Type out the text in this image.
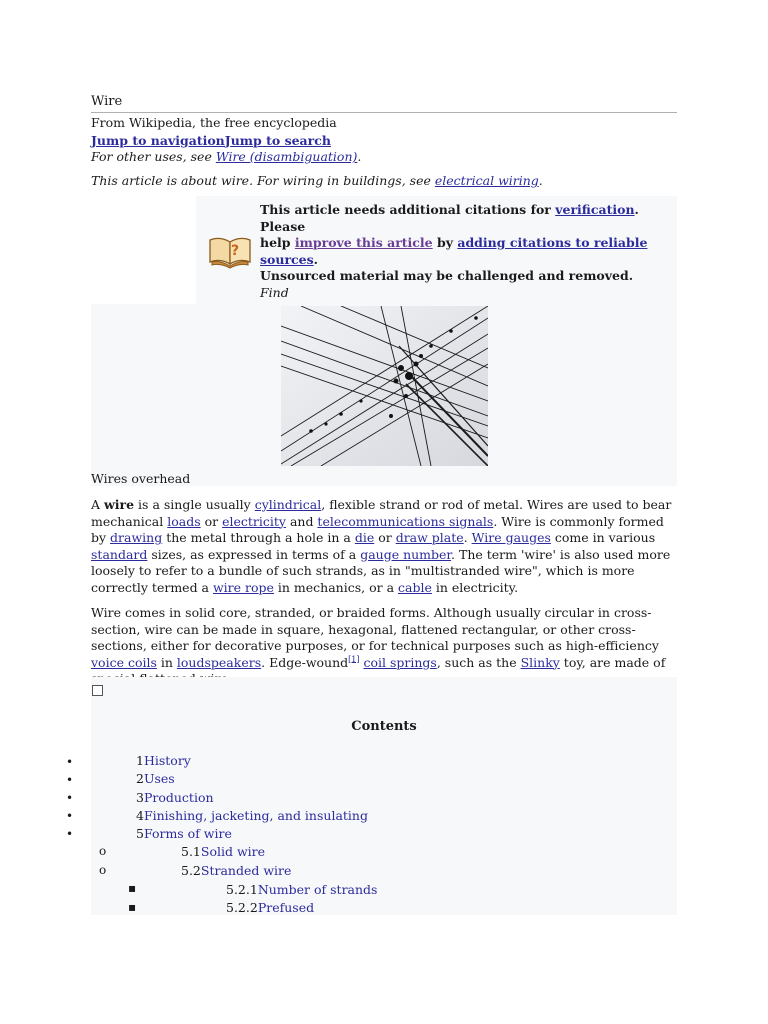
Wire
From Wikipedia, the free encyclopedia
Jump to navigationJump to search
For other uses, see Wire (disambiguation).
This article is about wire. For wiring in buildings, see electrical wiring.
?
This article needs additional citations for verification. Please
help improve this article by adding citations to reliable sources.
Unsourced material may be challenged and removed.
Find

Wires overhead

A wire is a single usually cylindrical, flexible strand or rod of metal. Wires are used to bear mechanical loads or electricity and telecommunications signals. Wire is commonly formed by drawing the metal through a hole in a die or draw plate. Wire gauges come in various standard sizes, as expressed in terms of a gauge number. The term 'wire' is also used more loosely to refer to a bundle of such strands, as in "multistranded wire", which is more correctly termed a wire rope in mechanics, or a cable in electricity.

Wire comes in solid core, stranded, or braided forms. Although usually circular in cross-section, wire can be made in square, hexagonal, flattened rectangular, or other cross-sections, either for decorative purposes, or for technical purposes such as high-efficiency voice coils in loudspeakers. Edge-wound[1] coil springs, such as the Slinky toy, are made of

Contents
•
•
•
•
•
o
o
▪
▪
1History
2Uses
3Production
4Finishing, jacketing, and insulating
5Forms of wire
5.1Solid wire
5.2Stranded wire
5.2.1Number of strands
5.2.2Prefused
